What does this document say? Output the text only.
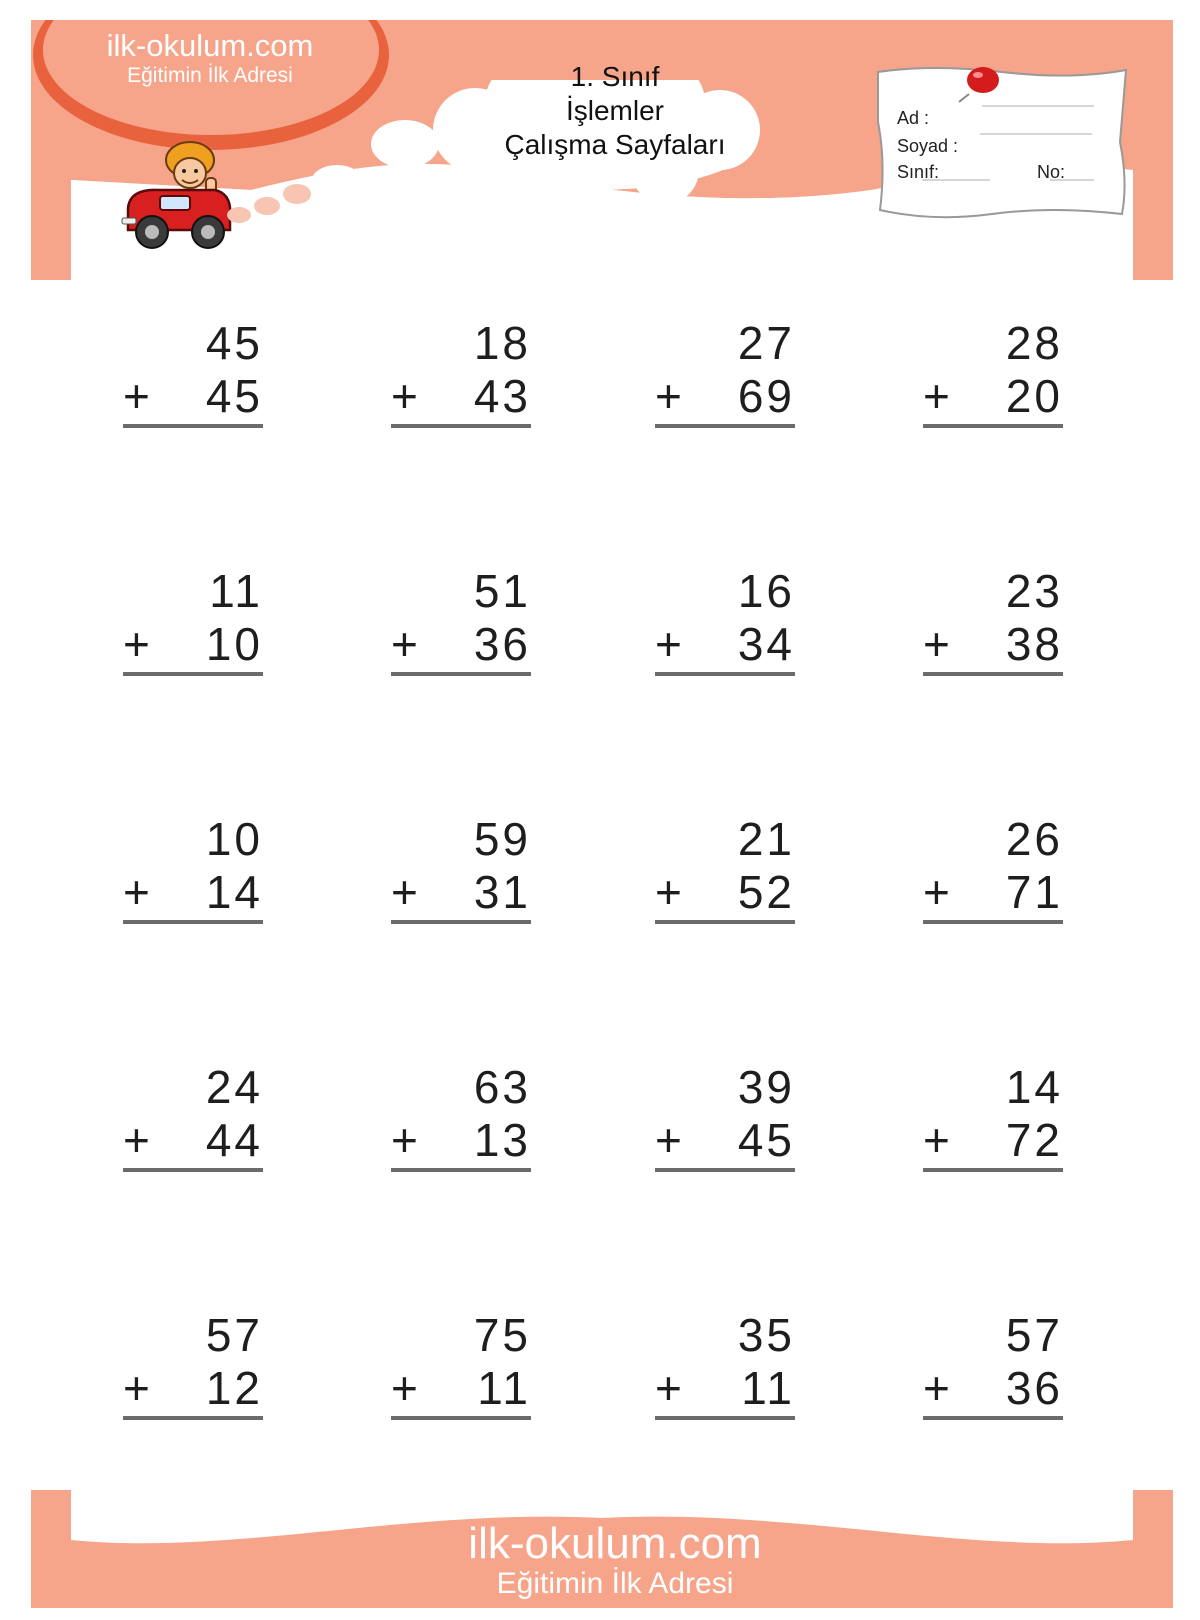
ilk-okulum.com
Eğitimin İlk Adresi	1. Sınıf
İşlemler
Çalışma Sayfaları
Ad :
Soyad :
Sınıf:	No:
45
+ 45
18
+ 43
27
+ 69
28
+ 20
11
+ 10
51
+ 36
16
+ 34
23
+ 38
10
+ 14
59
+ 31
21
+ 52
26
+ 71
24
+ 44
63
+ 13
39
+ 45
14
+ 72
57
+ 12
75
+ 11
35
+ 11
57
+ 36
ilk-okulum.com
Eğitimin İlk Adresi
